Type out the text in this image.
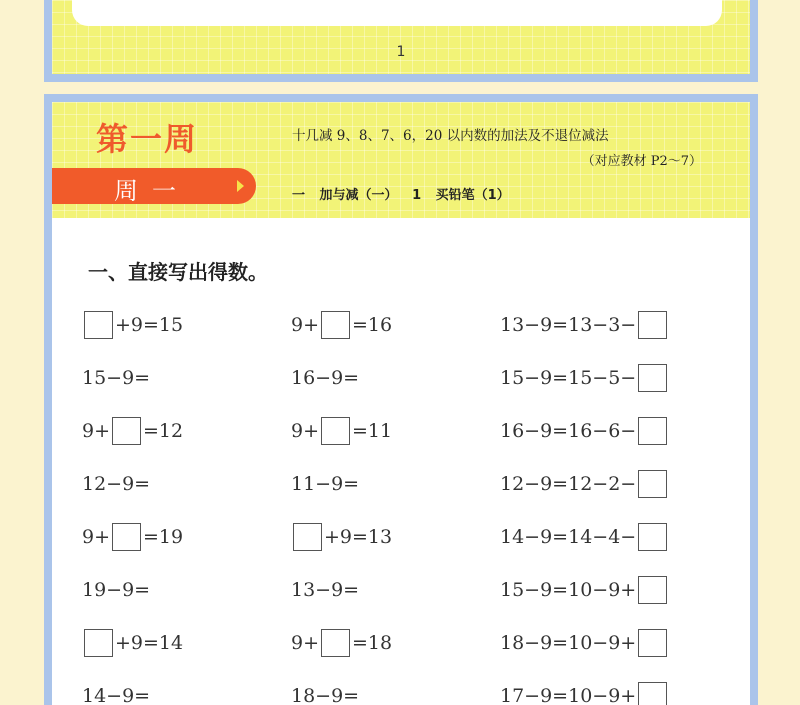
1
第一周
周一
十几减 9、8、7、6，20 以内数的加法及不退位减法
（对应教材 P2～7）
一 加与减（一） 1 买铅笔（1）
一、直接写出得数。
+9=15	9+ =16	13−9=13−3−
15−9=	16−9=	15−9=15−5−
9+ =12	9+ =11	16−9=16−6−
12−9=	11−9=	12−9=12−2−
9+ =19	+9=13	14−9=14−4−
19−9=	13−9=	15−9=10−9+
+9=14	9+ =18	18−9=10−9+
14−9=	18−9=	17−9=10−9+
